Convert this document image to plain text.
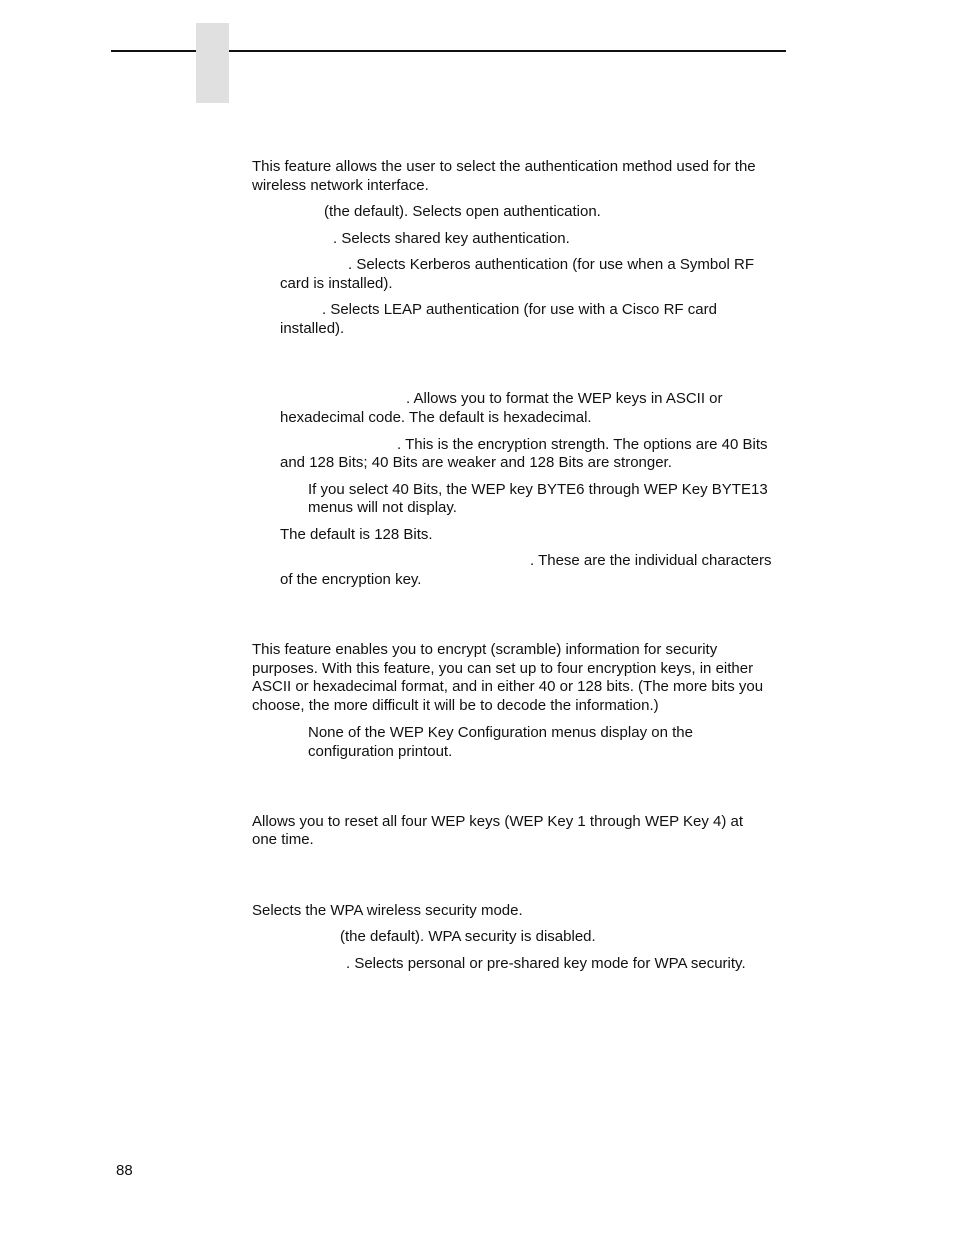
This feature allows the user to select the authentication method used for the

wireless network interface.

(the default). Selects open authentication.

. Selects shared key authentication.

. Selects Kerberos authentication (for use when a Symbol RF

card is installed).

. Selects LEAP authentication (for use with a Cisco RF card

installed).

. Allows you to format the WEP keys in ASCII or

hexadecimal code. The default is hexadecimal.

. This is the encryption strength. The options are 40 Bits

and 128 Bits; 40 Bits are weaker and 128 Bits are stronger.

If you select 40 Bits, the WEP key BYTE6 through WEP Key BYTE13

menus will not display.

The default is 128 Bits.

. These are the individual characters

of the encryption key.

This feature enables you to encrypt (scramble) information for security

purposes. With this feature, you can set up to four encryption keys, in either

ASCII or hexadecimal format, and in either 40 or 128 bits. (The more bits you

choose, the more difficult it will be to decode the information.)

None of the WEP Key Configuration menus display on the

configuration printout.

Allows you to reset all four WEP keys (WEP Key 1 through WEP Key 4) at

one time.

Selects the WPA wireless security mode.

(the default). WPA security is disabled.

. Selects personal or pre-shared key mode for WPA security.

88
